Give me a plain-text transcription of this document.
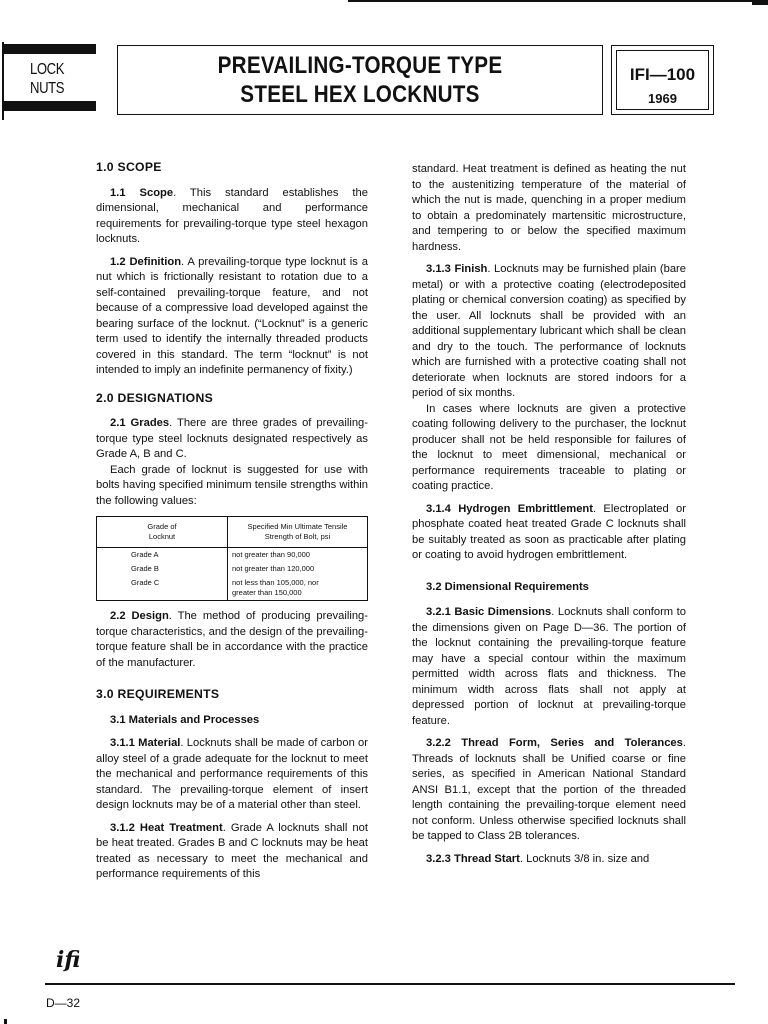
LOCK
NUTS
PREVAILING-TORQUE TYPE
STEEL HEX LOCKNUTS
IFI—100
1969
1.0 SCOPE

1.1 Scope. This standard establishes the dimensional, mechanical and performance requirements for prevailing-torque type steel hexagon locknuts.

1.2 Definition. A prevailing-torque type locknut is a nut which is frictionally resistant to rotation due to a self-contained prevailing-torque feature, and not because of a compressive load developed against the bearing surface of the locknut. (“Locknut” is a generic term used to identify the internally threaded products covered in this standard. The term “locknut” is not intended to imply an indefinite permanency of fixity.)

2.0 DESIGNATIONS

2.1 Grades. There are three grades of prevailing-torque type steel locknuts designated respectively as Grade A, B and C.

Each grade of locknut is suggested for use with bolts having specified minimum tensile strengths within the following values:

Grade of
Locknut	Specified Min Ultimate Tensile
Strength of Bolt, psi
Grade A	not greater than 90,000
Grade B	not greater than 120,000
Grade C	not less than 105,000, nor greater than 150,000

2.2 Design. The method of producing prevailing-torque characteristics, and the design of the prevailing-torque feature shall be in accordance with the practice of the manufacturer.

3.0 REQUIREMENTS
3.1 Materials and Processes

3.1.1 Material. Locknuts shall be made of carbon or alloy steel of a grade adequate for the locknut to meet the mechanical and performance requirements of this standard. The prevailing-torque element of insert design locknuts may be of a material other than steel.

3.1.2 Heat Treatment. Grade A locknuts shall not be heat treated. Grades B and C locknuts may be heat treated as necessary to meet the mechanical and performance requirements of this

standard. Heat treatment is defined as heating the nut to the austenitizing temperature of the material of which the nut is made, quenching in a proper medium to obtain a predominately martensitic microstructure, and tempering to or below the specified maximum hardness.

3.1.3 Finish. Locknuts may be furnished plain (bare metal) or with a protective coating (electrodeposited plating or chemical conversion coating) as specified by the user. All locknuts shall be provided with an additional supplementary lubricant which shall be clean and dry to the touch. The performance of locknuts which are furnished with a protective coating shall not deteriorate when locknuts are stored indoors for a period of six months.

In cases where locknuts are given a protective coating following delivery to the purchaser, the locknut producer shall not be held responsible for failures of the locknut to meet dimensional, mechanical or performance requirements traceable to plating or coating practice.

3.1.4 Hydrogen Embrittlement. Electroplated or phosphate coated heat treated Grade C locknuts shall be suitably treated as soon as practicable after plating or coating to avoid hydrogen embrittlement.

3.2 Dimensional Requirements

3.2.1 Basic Dimensions. Locknuts shall conform to the dimensions given on Page D—36. The portion of the locknut containing the prevailing-torque feature may have a special contour within the maximum permitted width across flats and thickness. The minimum width across flats shall not apply at depressed portion of locknut at prevailing-torque feature.

3.2.2 Thread Form, Series and Tolerances. Threads of locknuts shall be Unified coarse or fine series, as specified in American National Standard ANSI B1.1, except that the portion of the threaded length containing the prevailing-torque element need not conform. Unless otherwise specified locknuts shall be tapped to Class 2B tolerances.

3.2.3 Thread Start. Locknuts 3/8 in. size and

ifi
D—32
